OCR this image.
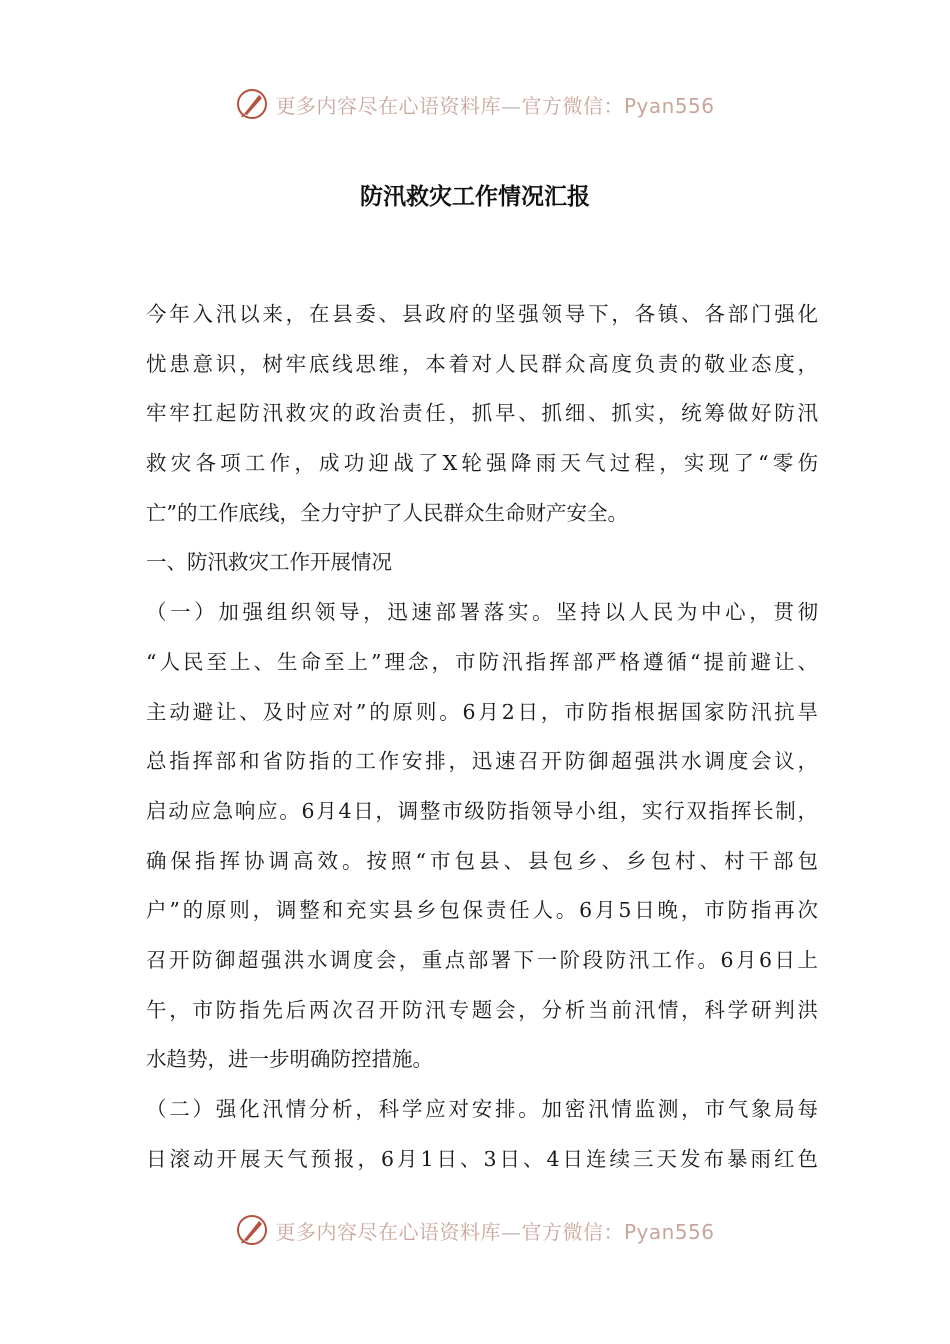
更多内容尽在心语资料库—官方微信：Pyan556
防汛救灾工作情况汇报
今年入汛以来，在县委、县政府的坚强领导下，各镇、各部门强化
忧患意识，树牢底线思维，本着对人民群众高度负责的敬业态度，
牢牢扛起防汛救灾的政治责任，抓早、抓细、抓实，统筹做好防汛
救灾各项工作，成功迎战了X轮强降雨天气过程，实现了“零伤
亡”的工作底线，全力守护了人民群众生命财产安全。
一、防汛救灾工作开展情况
（一）加强组织领导，迅速部署落实。坚持以人民为中心，贯彻
“人民至上、生命至上”理念，市防汛指挥部严格遵循“提前避让、
主动避让、及时应对”的原则。6月2日，市防指根据国家防汛抗旱
总指挥部和省防指的工作安排，迅速召开防御超强洪水调度会议，
启动应急响应。6月4日，调整市级防指领导小组，实行双指挥长制，
确保指挥协调高效。按照“市包县、县包乡、乡包村、村干部包
户”的原则，调整和充实县乡包保责任人。6月5日晚，市防指再次
召开防御超强洪水调度会，重点部署下一阶段防汛工作。6月6日上
午，市防指先后两次召开防汛专题会，分析当前汛情，科学研判洪
水趋势，进一步明确防控措施。
（二）强化汛情分析，科学应对安排。加密汛情监测，市气象局每
日滚动开展天气预报，6月1日、3日、4日连续三天发布暴雨红色
更多内容尽在心语资料库—官方微信：Pyan556
